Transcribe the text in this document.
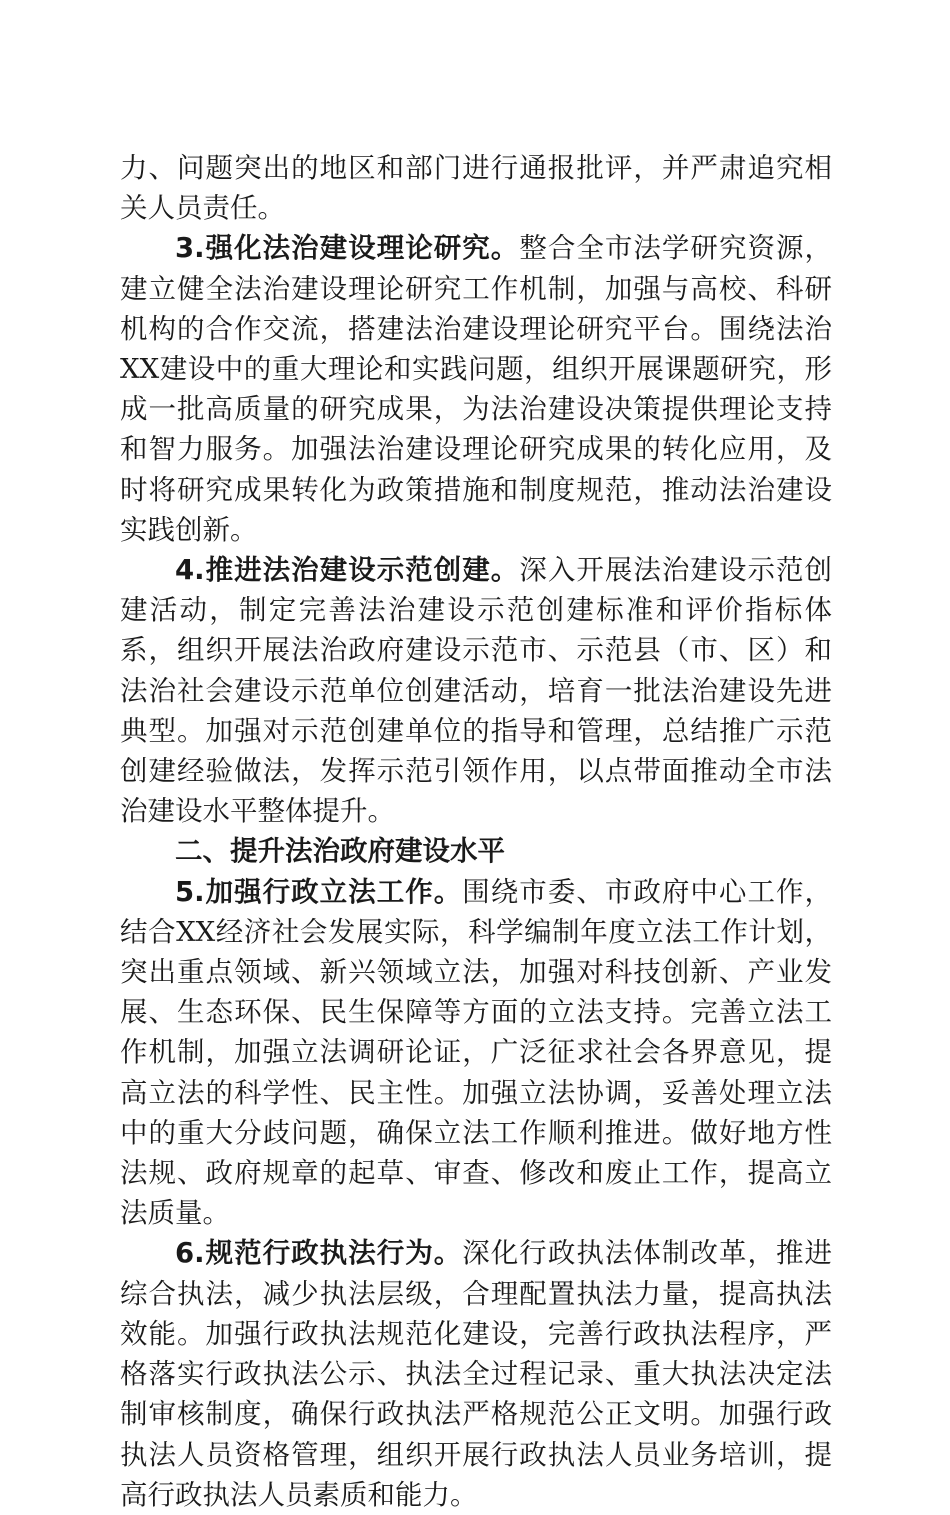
力、问题突出的地区和部门进行通报批评，并严肃追究相关人员责任。

3.强化法治建设理论研究。整合全市法学研究资源，建立健全法治建设理论研究工作机制，加强与高校、科研机构的合作交流，搭建法治建设理论研究平台。围绕法治XX建设中的重大理论和实践问题，组织开展课题研究，形成一批高质量的研究成果，为法治建设决策提供理论支持和智力服务。加强法治建设理论研究成果的转化应用，及时将研究成果转化为政策措施和制度规范，推动法治建设实践创新。

4.推进法治建设示范创建。深入开展法治建设示范创建活动，制定完善法治建设示范创建标准和评价指标体系，组织开展法治政府建设示范市、示范县（市、区）和法治社会建设示范单位创建活动，培育一批法治建设先进典型。加强对示范创建单位的指导和管理，总结推广示范创建经验做法，发挥示范引领作用，以点带面推动全市法治建设水平整体提升。

二、提升法治政府建设水平

5.加强行政立法工作。围绕市委、市政府中心工作，结合XX经济社会发展实际，科学编制年度立法工作计划，突出重点领域、新兴领域立法，加强对科技创新、产业发展、生态环保、民生保障等方面的立法支持。完善立法工作机制，加强立法调研论证，广泛征求社会各界意见，提高立法的科学性、民主性。加强立法协调，妥善处理立法中的重大分歧问题，确保立法工作顺利推进。做好地方性法规、政府规章的起草、审查、修改和废止工作，提高立法质量。

6.规范行政执法行为。深化行政执法体制改革，推进综合执法，减少执法层级，合理配置执法力量，提高执法效能。加强行政执法规范化建设，完善行政执法程序，严格落实行政执法公示、执法全过程记录、重大执法决定法制审核制度，确保行政执法严格规范公正文明。加强行政执法人员资格管理，组织开展行政执法人员业务培训，提高行政执法人员素质和能力。
